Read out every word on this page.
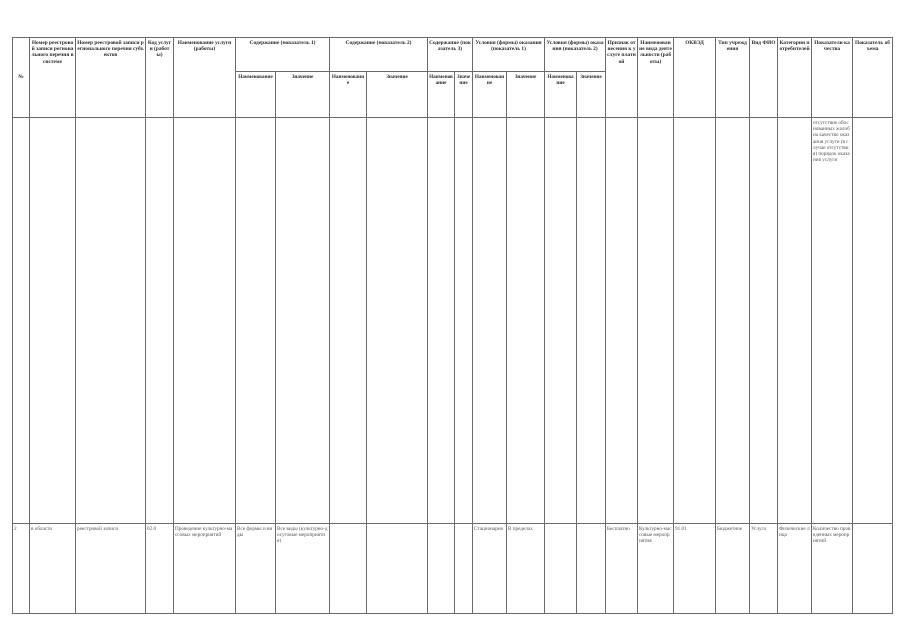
№	Номер реестровой записи регионального перечня в системе	Номер реестровой записи регионального перечня субъектов	Код услуги (работы)	Наименование услуги (работы)	Содержание (показатель 1)		Содержание (показатель 2)		Содержание (показатель 3)		Условия (формы) оказания (показатель 1)		Условия (формы) оказания (показатель 2)		Признак отнесения к услуге платной	Наименование вида деятельности (работы)	ОКВЭД	Тип учреждения	Вид ФИО	Категории потребителей	Показатели качества	Показатель объема
					Наименование	Значение	Наименование	Значение	Наименование	Значение	Наименование	Значение	Наименование	Значение								
																					отсутствие обоснованных жалоб на качество оказания услуги (в случае отсутствия) порядок оказания услуги	
2	в области	реестровой записи	02.0	Проведение культурно-массовых мероприятий	Все формы и виды	Все виды (культурно-досуговые мероприятия)					Стационарно	В пределах			Бесплатно	Культурно-массовые мероприятия	91.01	Бюджетное	Услуга	Физические лица	Количество проведенных мероприятий	
